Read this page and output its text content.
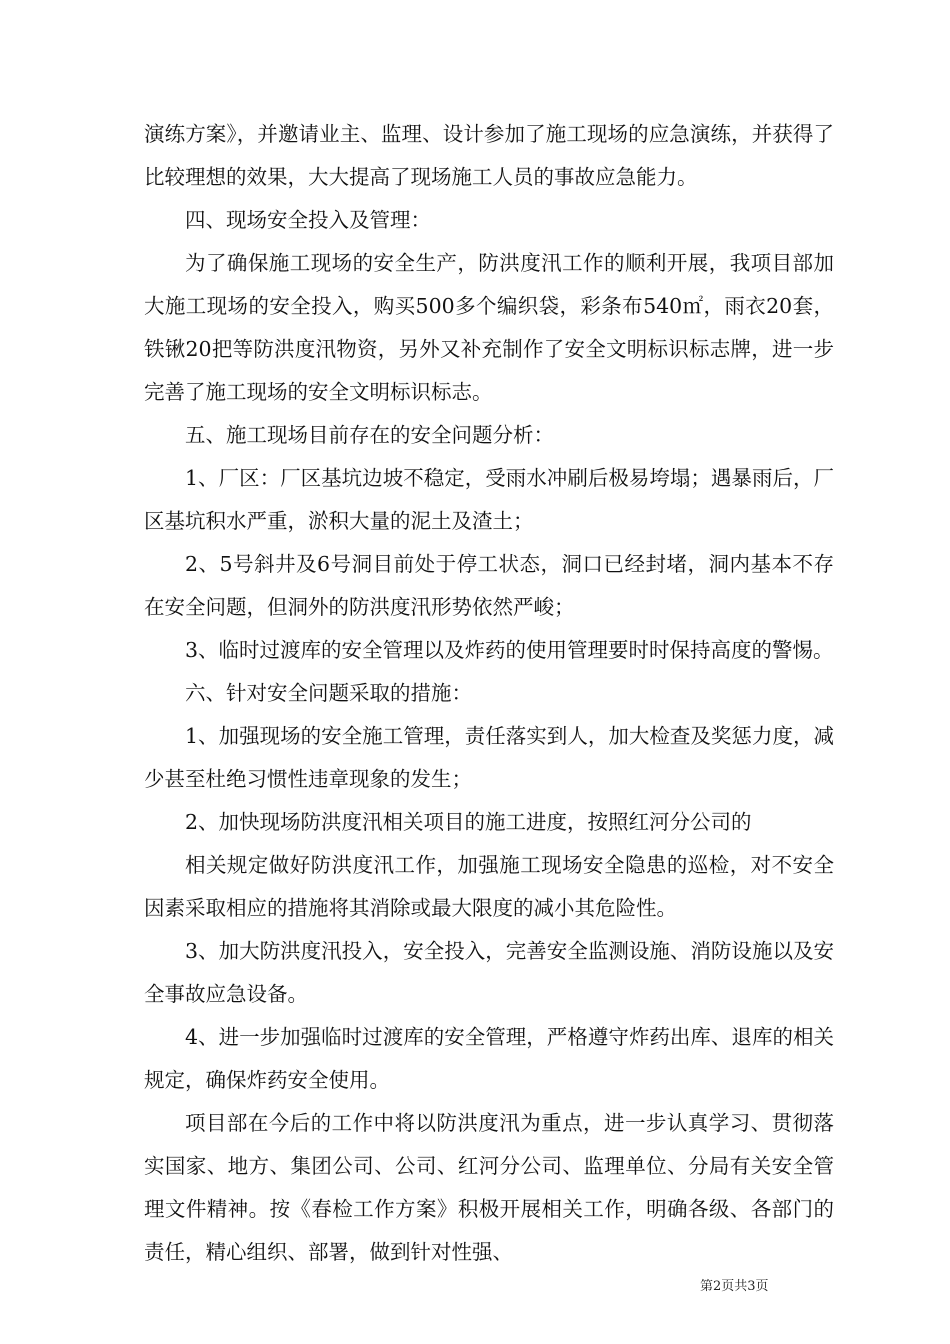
演练方案》，并邀请业主、监理、设计参加了施工现场的应急演练，并获得了比较理想的效果，大大提高了现场施工人员的事故应急能力。

四、现场安全投入及管理：

为了确保施工现场的安全生产，防洪度汛工作的顺利开展，我项目部加大施工现场的安全投入，购买500多个编织袋，彩条布540㎡，雨衣20套，铁锹20把等防洪度汛物资，另外又补充制作了安全文明标识标志牌，进一步完善了施工现场的安全文明标识标志。

五、施工现场目前存在的安全问题分析：

1、厂区：厂区基坑边坡不稳定，受雨水冲刷后极易垮塌；遇暴雨后，厂区基坑积水严重，淤积大量的泥土及渣土；

2、5号斜井及6号洞目前处于停工状态，洞口已经封堵，洞内基本不存在安全问题，但洞外的防洪度汛形势依然严峻；

3、临时过渡库的安全管理以及炸药的使用管理要时时保持高度的警惕。

六、针对安全问题采取的措施：

1、加强现场的安全施工管理，责任落实到人，加大检查及奖惩力度，减少甚至杜绝习惯性违章现象的发生；

2、加快现场防洪度汛相关项目的施工进度，按照红河分公司的

相关规定做好防洪度汛工作，加强施工现场安全隐患的巡检，对不安全因素采取相应的措施将其消除或最大限度的减小其危险性。

3、加大防洪度汛投入，安全投入，完善安全监测设施、消防设施以及安全事故应急设备。

4、进一步加强临时过渡库的安全管理，严格遵守炸药出库、退库的相关规定，确保炸药安全使用。

项目部在今后的工作中将以防洪度汛为重点，进一步认真学习、贯彻落实国家、地方、集团公司、公司、红河分公司、监理单位、分局有关安全管理文件精神。按《春检工作方案》积极开展相关工作，明确各级、各部门的责任，精心组织、部署，做到针对性强、

第2页共3页
